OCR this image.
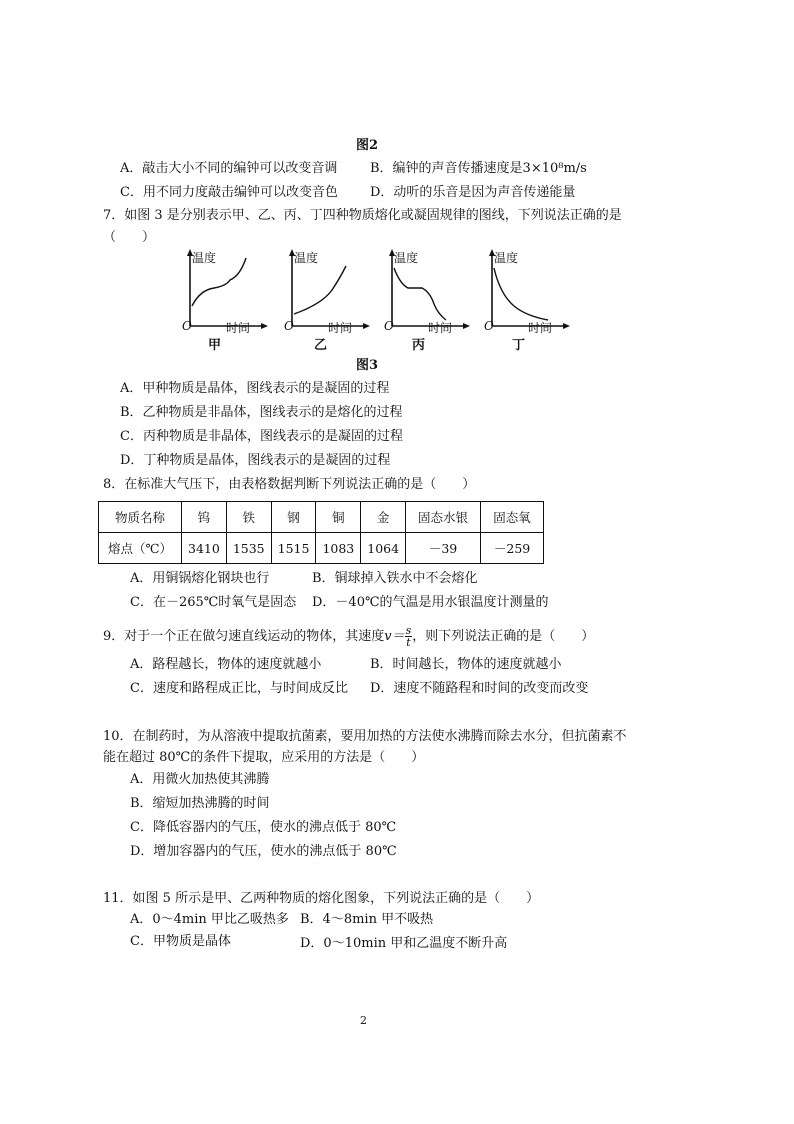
图2
A．敲击大小不同的编钟可以改变音调	B．编钟的声音传播速度是3×10⁸m/s
C．用不同力度敲击编钟可以改变音色 D．动听的乐音是因为声音传递能量
7．如图 3 是分别表示甲、乙、丙、丁四种物质熔化或凝固规律的图线，下列说法正确的是
（　　）
温度
O	时间
甲
温度
O	时间
乙
温度
O	时间
丙
温度
O	时间
丁
图3
A．甲种物质是晶体，图线表示的是凝固的过程
B．乙种物质是非晶体，图线表示的是熔化的过程
C．丙种物质是非晶体，图线表示的是凝固的过程
D．丁种物质是晶体，图线表示的是凝固的过程
8．在标准大气压下，由表格数据判断下列说法正确的是（　　）
物质名称	钨	铁	钢	铜	金	固态水银	固态氧
熔点（℃）	3410	1535	1515	1083	1064	－39	－259
A．用铜锅熔化钢块也行	B．铜球掉入铁水中不会熔化
C．在－265℃时氧气是固态 D．－40℃的气温是用水银温度计测量的
9．对于一个正在做匀速直线运动的物体，其速度$v= \frac{s}{t}$ ，则下列说法正确的是（　　）
A．路程越长，物体的速度就越小	B．时间越长，物体的速度就越小
C．速度和路程成正比，与时间成反比 D．速度不随路程和时间的改变而改变
10．在制药时，为从溶液中提取抗菌素，要用加热的方法使水沸腾而除去水分，但抗菌素不
能在超过 80℃的条件下提取，应采用的方法是（　　）
A．用微火加热使其沸腾
B．缩短加热沸腾的时间
C．降低容器内的气压，使水的沸点低于 80℃
D．增加容器内的气压，使水的沸点低于 80℃
11．如图 5 所示是甲、乙两种物质的熔化图象，下列说法正确的是（　　）
A．0～4min 甲比乙吸热多 B．4～8min 甲不吸热
C．甲物质是晶体	D．0～10min 甲和乙温度不断升高
2
